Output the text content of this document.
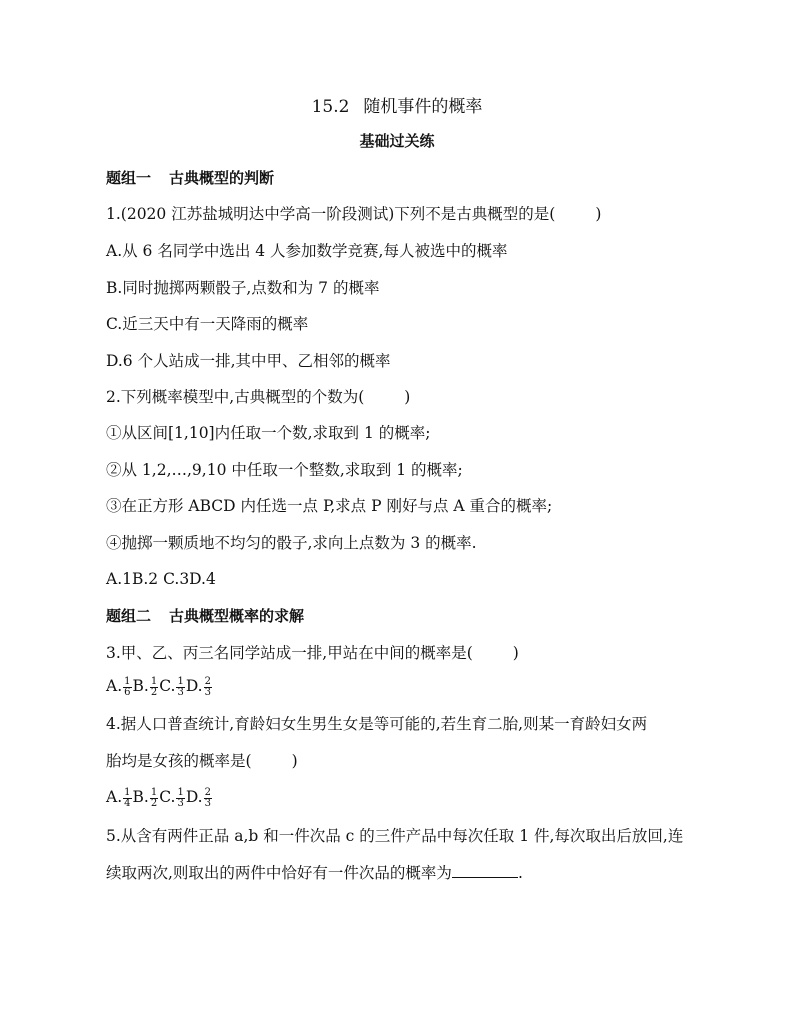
15.2 随机事件的概率
基础过关练
题组一 古典概型的判断
1.(2020 江苏盐城明达中学高一阶段测试)下列不是古典概型的是(	)
A.从 6 名同学中选出 4 人参加数学竞赛,每人被选中的概率
B.同时抛掷两颗骰子,点数和为 7 的概率
C.近三天中有一天降雨的概率
D.6 个人站成一排,其中甲、乙相邻的概率
2.下列概率模型中,古典概型的个数为(	)
①从区间[1,10]内任取一个数,求取到 1 的概率;
②从 1,2,…,9,10 中任取一个整数,求取到 1 的概率;
③在正方形 ABCD 内任选一点 P,求点 P 刚好与点 A 重合的概率;
④抛掷一颗质地不均匀的骰子,求向上点数为 3 的概率.
A.1B.2 C.3D.4
题组二 古典概型概率的求解
3.甲、乙、丙三名同学站成一排,甲站在中间的概率是(	)
A. $\frac{1}{6} B$. $\frac{1}{2} C$. $\frac{1}{3} D$. $\frac{2}{3}$
4.据人口普查统计,育龄妇女生男生女是等可能的,若生育二胎,则某一育龄妇女两
胎均是女孩的概率是(	)
A. $\frac{1}{4} B$. $\frac{1}{2} C$. $\frac{1}{3} D$. $\frac{2}{3}$
5.从含有两件正品 a,b 和一件次品 c 的三件产品中每次任取 1 件,每次取出后放回,连
续取两次,则取出的两件中恰好有一件次品的概率为	.
